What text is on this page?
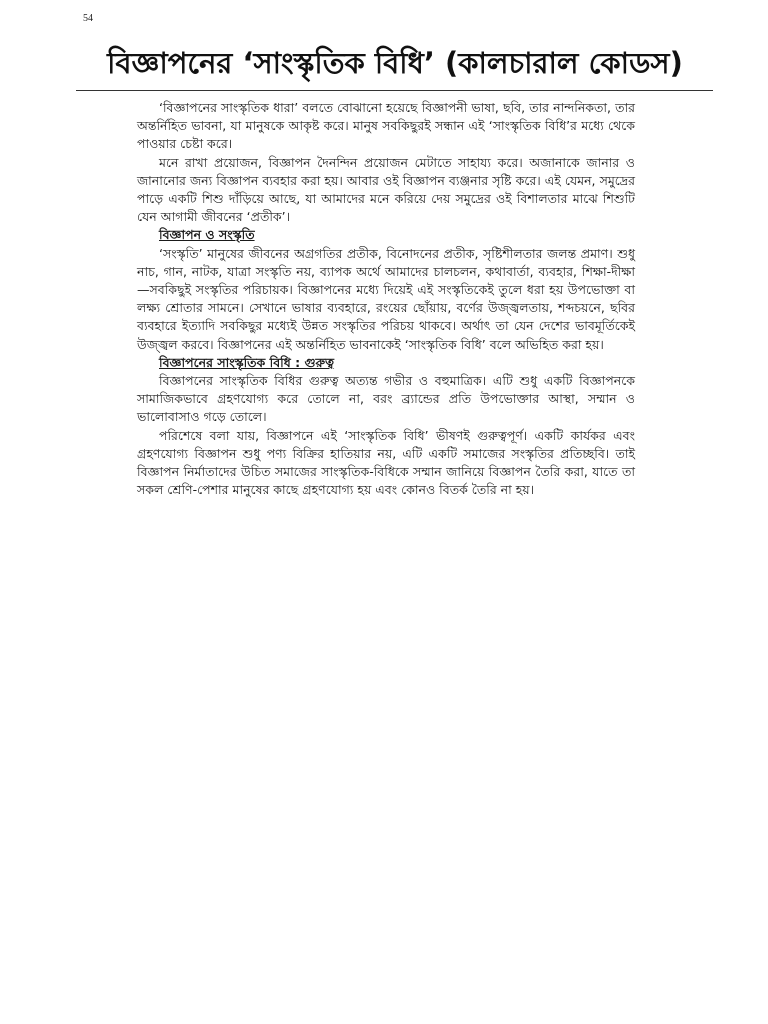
54
বিজ্ঞাপনের ‘সাংস্কৃতিক বিধি’ (কালচারাল কোডস)

‘বিজ্ঞাপনের সাংস্কৃতিক ধারা’ বলতে বোঝানো হয়েছে বিজ্ঞাপনী ভাষা, ছবি, তার নান্দনিকতা, তার অন্তর্নিহিত ভাবনা, যা মানুষকে আকৃষ্ট করে। মানুষ সবকিছুরই সন্ধান এই ‘সাংস্কৃতিক বিধি’র মধ্যে থেকে পাওয়ার চেষ্টা করে।

মনে রাখা প্রয়োজন, বিজ্ঞাপন দৈনন্দিন প্রয়োজন মেটাতে সাহায্য করে। অজানাকে জানার ও জানানোর জন্য বিজ্ঞাপন ব্যবহার করা হয়। আবার ওই বিজ্ঞাপন ব্যঞ্জনার সৃষ্টি করে। এই যেমন, সমুদ্রের পাড়ে একটি শিশু দাঁড়িয়ে আছে, যা আমাদের মনে করিয়ে দেয় সমুদ্রের ওই বিশালতার মাঝে শিশুটি যেন আগামী জীবনের ‘প্রতীক’।

বিজ্ঞাপন ও সংস্কৃতি

‘সংস্কৃতি’ মানুষের জীবনের অগ্রগতির প্রতীক, বিনোদনের প্রতীক, সৃষ্টিশীলতার জলন্ত প্রমাণ। শুধু নাচ, গান, নাটক, যাত্রা সংস্কৃতি নয়, ব্যাপক অর্থে আমাদের চালচলন, কথাবার্তা, ব্যবহার, শিক্ষা-দীক্ষা—সবকিছুই সংস্কৃতির পরিচায়ক। বিজ্ঞাপনের মধ্যে দিয়েই এই সংস্কৃতিকেই তুলে ধরা হয় উপভোক্তা বা লক্ষ্য শ্রোতার সামনে। সেখানে ভাষার ব্যবহারে, রংয়ের ছোঁয়ায়, বর্ণের উজ্জ্বলতায়, শব্দচয়নে, ছবির ব্যবহারে ইত্যাদি সবকিছুর মধ্যেই উন্নত সংস্কৃতির পরিচয় থাকবে। অর্থাৎ তা যেন দেশের ভাবমূর্তিকেই উজ্জ্বল করবে। বিজ্ঞাপনের এই অন্তর্নিহিত ভাবনাকেই ‘সাংস্কৃতিক বিধি’ বলে অভিহিত করা হয়।

বিজ্ঞাপনের সাংস্কৃতিক বিধি : গুরুত্ব

বিজ্ঞাপনের সাংস্কৃতিক বিধির গুরুত্ব অত্যন্ত গভীর ও বহুমাত্রিক। এটি শুধু একটি বিজ্ঞাপনকে সামাজিকভাবে গ্রহণযোগ্য করে তোলে না, বরং ব্র্যান্ডের প্রতি উপভোক্তার আস্থা, সম্মান ও ভালোবাসাও গড়ে তোলে।

পরিশেষে বলা যায়, বিজ্ঞাপনে এই ‘সাংস্কৃতিক বিধি’ ভীষণই গুরুত্বপূর্ণ। একটি কার্যকর এবং গ্রহণযোগ্য বিজ্ঞাপন শুধু পণ্য বিক্রির হাতিয়ার নয়, এটি একটি সমাজের সংস্কৃতির প্রতিচ্ছবি। তাই বিজ্ঞাপন নির্মাতাদের উচিত সমাজের সাংস্কৃতিক-বিধিকে সম্মান জানিয়ে বিজ্ঞাপন তৈরি করা, যাতে তা সকল শ্রেণি-পেশার মানুষের কাছে গ্রহণযোগ্য হয় এবং কোনও বিতর্ক তৈরি না হয়।
